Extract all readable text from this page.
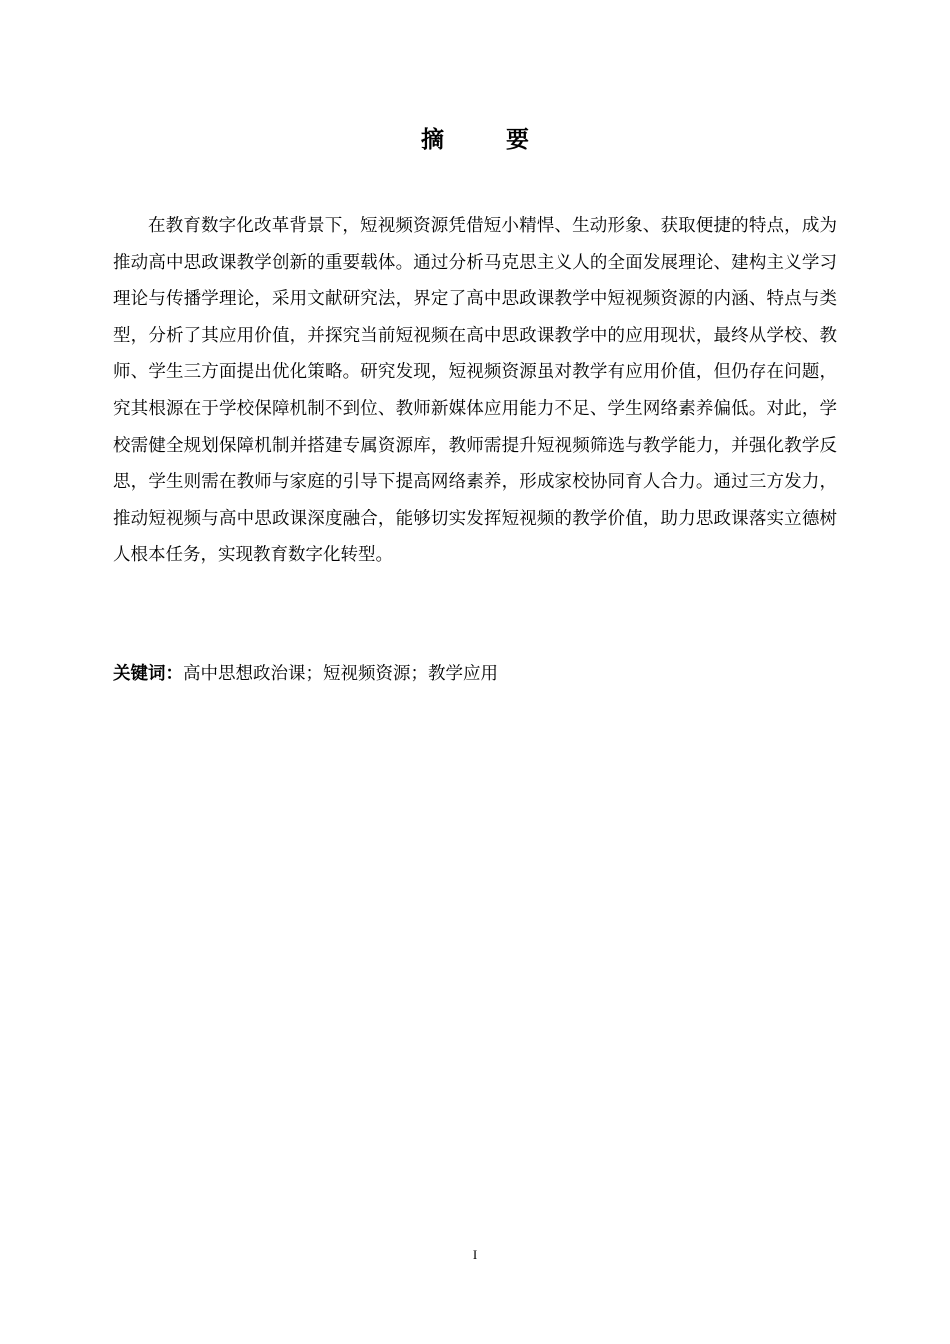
摘 要

在教育数字化改革背景下，短视频资源凭借短小精悍、生动形象、获取便捷的特点，成为推动高中思政课教学创新的重要载体。通过分析马克思主义人的全面发展理论、建构主义学习理论与传播学理论，采用文献研究法，界定了高中思政课教学中短视频资源的内涵、特点与类型，分析了其应用价值，并探究当前短视频在高中思政课教学中的应用现状，最终从学校、教师、学生三方面提出优化策略。研究发现，短视频资源虽对教学有应用价值，但仍存在问题，究其根源在于学校保障机制不到位、教师新媒体应用能力不足、学生网络素养偏低。对此，学校需健全规划保障机制并搭建专属资源库，教师需提升短视频筛选与教学能力，并强化教学反思，学生则需在教师与家庭的引导下提高网络素养，形成家校协同育人合力。通过三方发力，推动短视频与高中思政课深度融合，能够切实发挥短视频的教学价值，助力思政课落实立德树人根本任务，实现教育数字化转型。

关键词：高中思想政治课；短视频资源；教学应用
I
